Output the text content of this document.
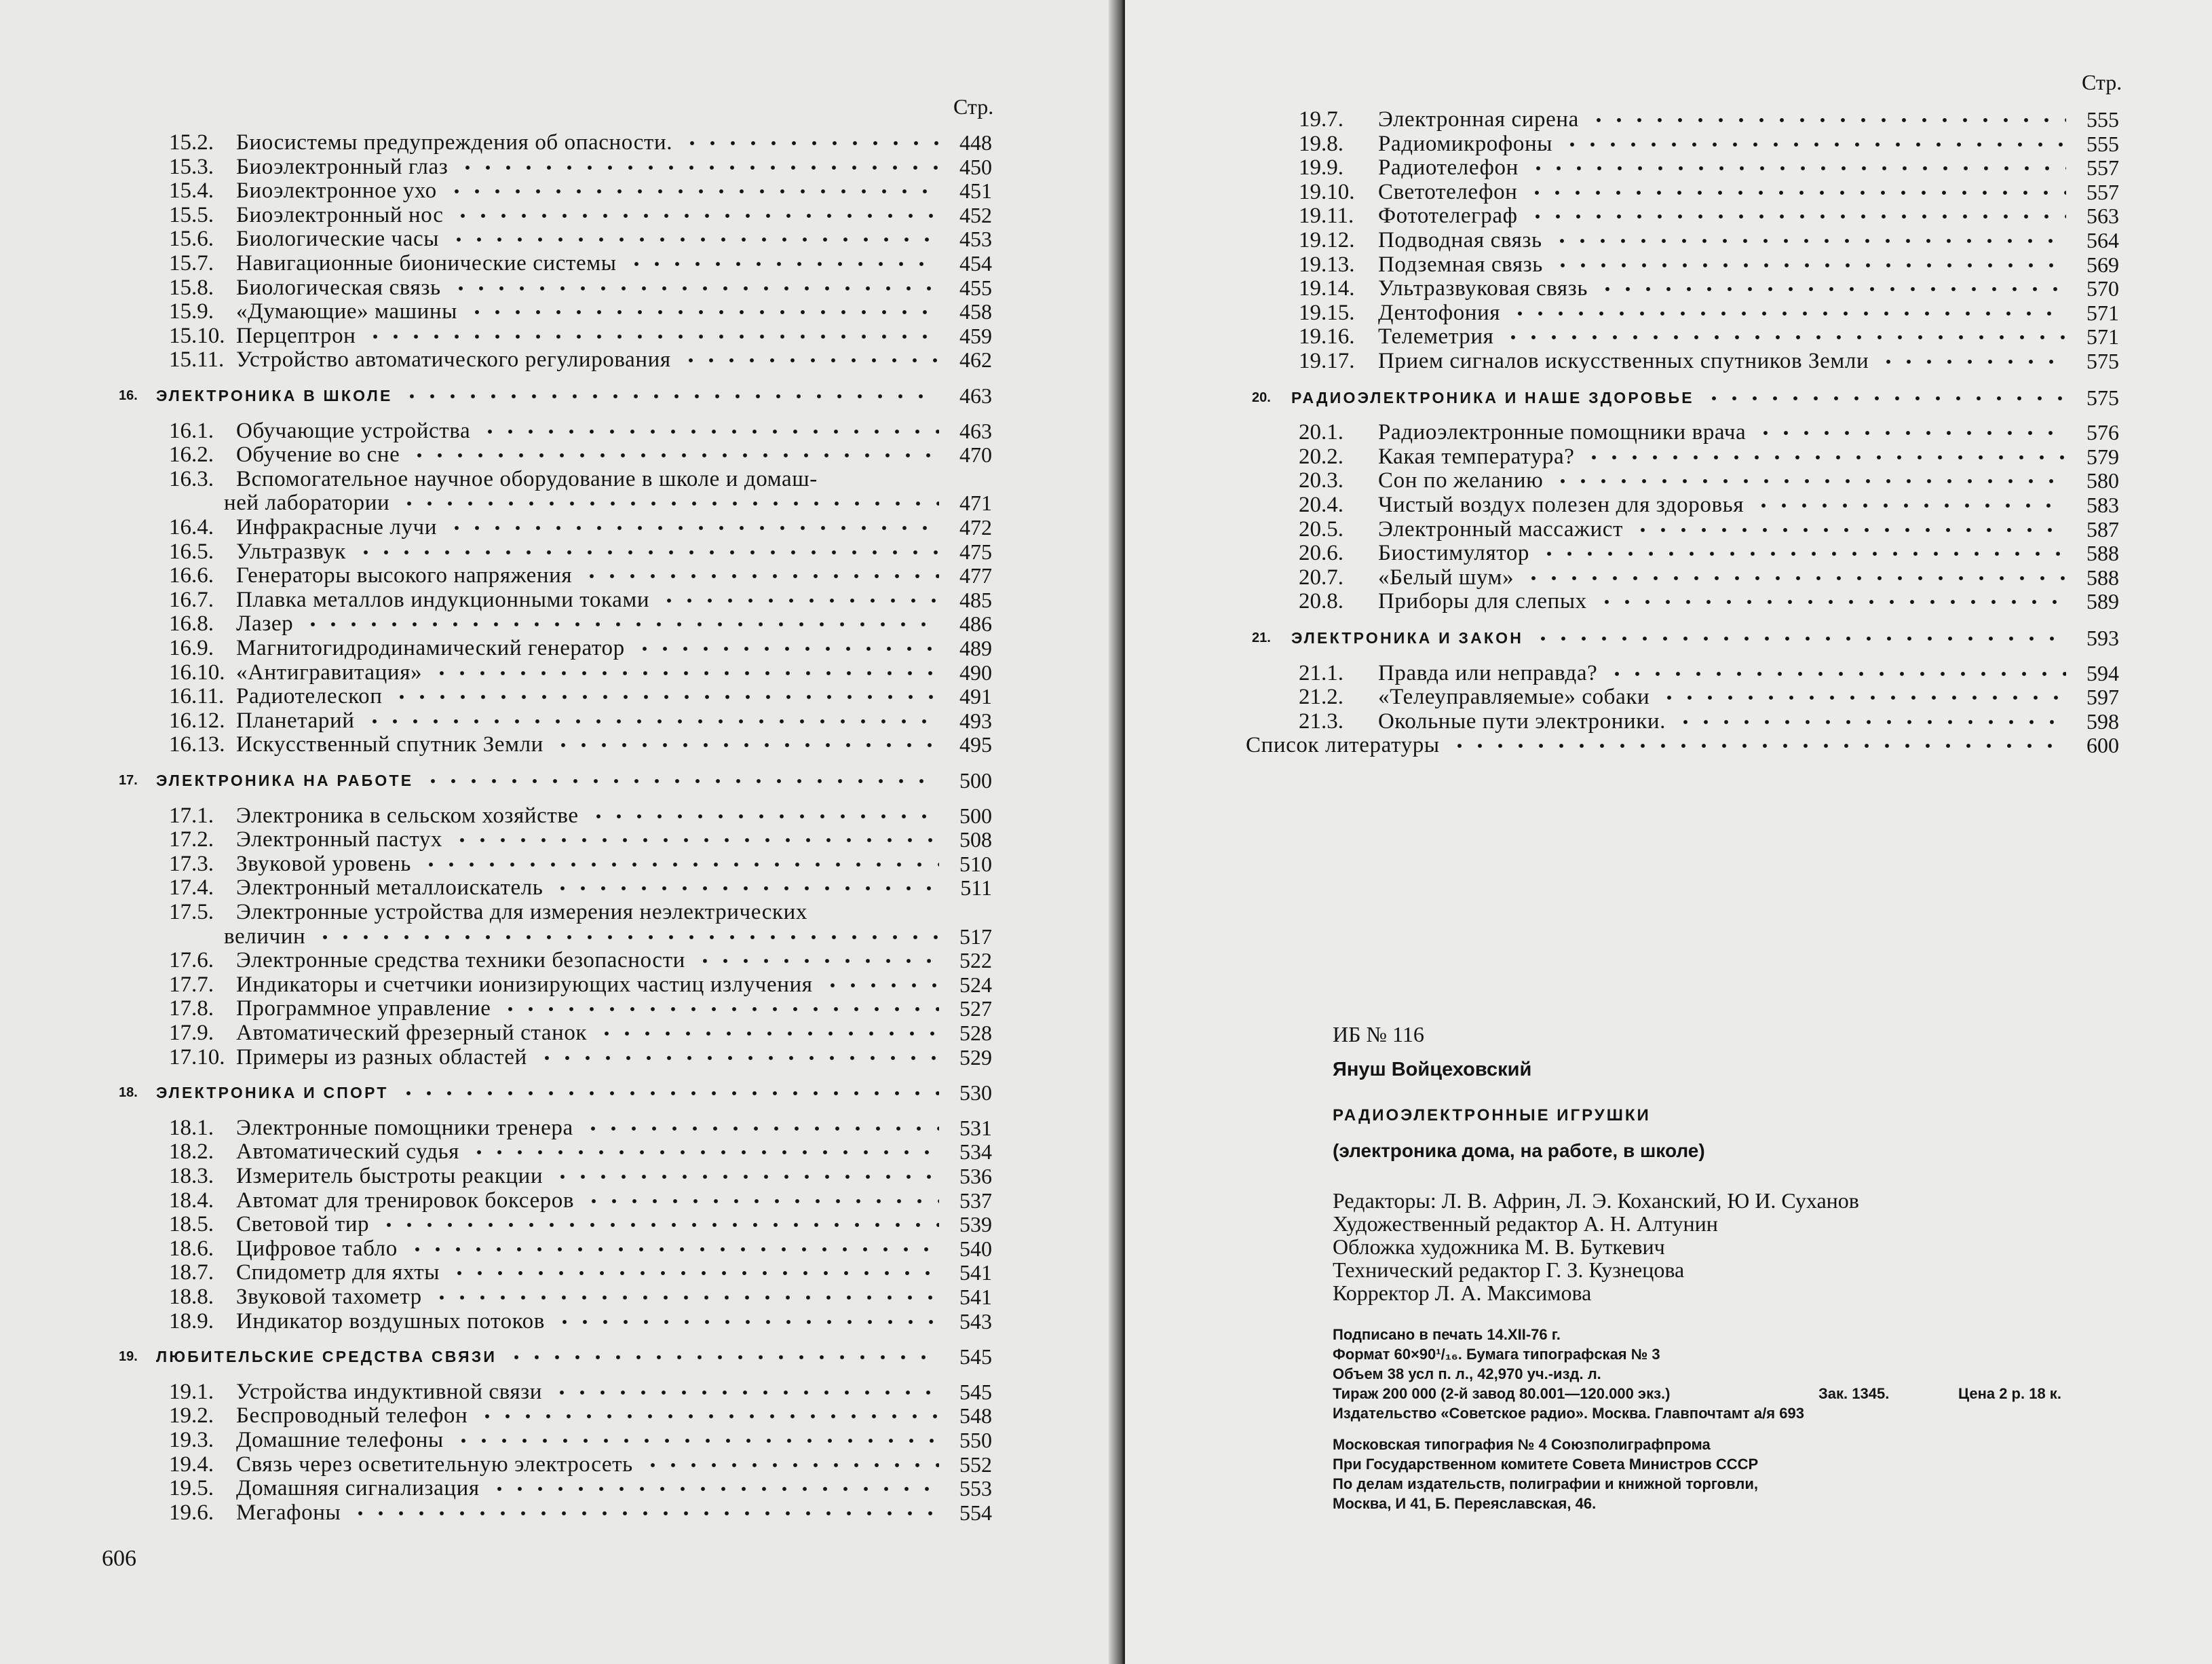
Стр.
15.2. Биосистемы предупреждения об опасности.	448
15.3. Биоэлектронный глаз	450
15.4. Биоэлектронное ухо	451
15.5. Биоэлектронный нос	452
15.6. Биологические часы	453
15.7. Навигационные бионические системы	454
15.8. Биологическая связь	455
15.9. «Думающие» машины	458
15.10. Перцептрон	459
15.11. Устройство автоматического регулирования	462
16. ЭЛЕКТРОНИКА В ШКОЛЕ	463
16.1. Обучающие устройства	463
16.2. Обучение во сне	470
16.3. Вспомогательное научное оборудование в школе и домаш-
ней лаборатории	471
16.4. Инфракрасные лучи	472
16.5. Ультразвук	475
16.6. Генераторы высокого напряжения	477
16.7. Плавка металлов индукционными токами	485
16.8. Лазер	486
16.9. Магнитогидродинамический генератор	489
16.10. «Антигравитация»	490
16.11. Радиотелескоп	491
16.12. Планетарий	493
16.13. Искусственный спутник Земли	495
17. ЭЛЕКТРОНИКА НА РАБОТЕ	500
17.1. Электроника в сельском хозяйстве	500
17.2. Электронный пастух	508
17.3. Звуковой уровень	510
17.4. Электронный металлоискатель	511
17.5. Электронные устройства для измерения неэлектрических
величин	517
17.6. Электронные средства техники безопасности	522
17.7. Индикаторы и счетчики ионизирующих частиц излучения	524
17.8. Программное управление	527
17.9. Автоматический фрезерный станок	528
17.10. Примеры из разных областей	529
18. ЭЛЕКТРОНИКА И СПОРТ	530
18.1. Электронные помощники тренера	531
18.2. Автоматический судья	534
18.3. Измеритель быстроты реакции	536
18.4. Автомат для тренировок боксеров	537
18.5. Световой тир	539
18.6. Цифровое табло	540
18.7. Спидометр для яхты	541
18.8. Звуковой тахометр	541
18.9. Индикатор воздушных потоков	543
19. ЛЮБИТЕЛЬСКИЕ СРЕДСТВА СВЯЗИ	545
19.1. Устройства индуктивной связи	545
19.2. Беспроводный телефон	548
19.3. Домашние телефоны	550
19.4. Связь через осветительную электросеть	552
19.5. Домашняя сигнализация	553
19.6. Мегафоны	554
606
Стр.
19.7. Электронная сирена	555
19.8. Радиомикрофоны	555
19.9. Радиотелефон	557
19.10. Светотелефон	557
19.11. Фототелеграф	563
19.12. Подводная связь	564
19.13. Подземная связь	569
19.14. Ультразвуковая связь	570
19.15. Дентофония	571
19.16. Телеметрия	571
19.17. Прием сигналов искусственных спутников Земли	575
20. РАДИОЭЛЕКТРОНИКА И НАШЕ ЗДОРОВЬЕ	575
20.1. Радиоэлектронные помощники врача	576
20.2. Какая температура?	579
20.3. Сон по желанию	580
20.4. Чистый воздух полезен для здоровья	583
20.5. Электронный массажист	587
20.6. Биостимулятор	588
20.7. «Белый шум»	588
20.8. Приборы для слепых	589
21. ЭЛЕКТРОНИКА И ЗАКОН	593
21.1. Правда или неправда?	594
21.2. «Телеуправляемые» собаки	597
21.3. Окольные пути электроники.	598
Список литературы	600
ИБ № 116
Януш Войцеховский
РАДИОЭЛЕКТРОННЫЕ ИГРУШКИ
(электроника дома, на работе, в школе)
Редакторы: Л. В. Африн, Л. Э. Коханский, Ю И. Суханов
Художественный редактор А. Н. Алтунин
Обложка художника М. В. Буткевич
Технический редактор Г. З. Кузнецова
Корректор Л. А. Максимова
Подписано в печать 14.XII-76 г.
Формат 60×90¹/₁₆. Бумага типографская № 3
Объем 38 усл п. л., 42,970 уч.-изд. л.
Тираж 200 000 (2-й завод 80.001—120.000 экз.)	Зак. 1345.	Цена 2 р. 18 к.
Издательство «Советское радио». Москва. Главпочтамт а/я 693
Московская типография № 4 Союзполиграфпрома
При Государственном комитете Совета Министров СССР
По делам издательств, полиграфии и книжной торговли,
Москва, И 41, Б. Переяславская, 46.
